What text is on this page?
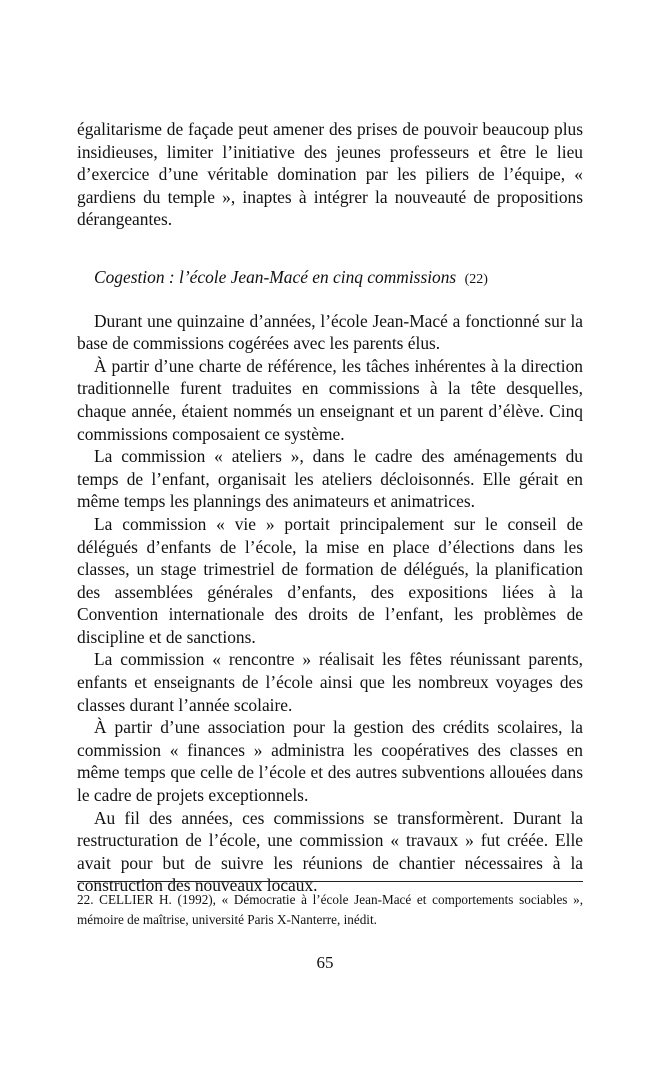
égalitarisme de façade peut amener des prises de pouvoir beaucoup plus insidieuses, limiter l’initiative des jeunes professeurs et être le lieu d’exercice d’une véritable domination par les piliers de l’équipe, « gardiens du temple », inaptes à intégrer la nouveauté de propositions dérangeantes.

Cogestion : l’école Jean-Macé en cinq commissions (22)

Durant une quinzaine d’années, l’école Jean-Macé a fonctionné sur la base de commissions cogérées avec les parents élus.

À partir d’une charte de référence, les tâches inhérentes à la direction traditionnelle furent traduites en commissions à la tête desquelles, chaque année, étaient nommés un enseignant et un parent d’élève. Cinq commissions composaient ce système.

La commission « ateliers », dans le cadre des aménagements du temps de l’enfant, organisait les ateliers décloisonnés. Elle gérait en même temps les plannings des animateurs et animatrices.

La commission « vie » portait principalement sur le conseil de délégués d’enfants de l’école, la mise en place d’élections dans les classes, un stage trimestriel de formation de délégués, la planification des assemblées générales d’enfants, des expositions liées à la Convention internationale des droits de l’enfant, les problèmes de discipline et de sanctions.

La commission « rencontre » réalisait les fêtes réunissant parents, enfants et enseignants de l’école ainsi que les nombreux voyages des classes durant l’année scolaire.

À partir d’une association pour la gestion des crédits scolaires, la commission « finances » administra les coopératives des classes en même temps que celle de l’école et des autres subventions allouées dans le cadre de projets exceptionnels.

Au fil des années, ces commissions se transformèrent. Durant la restructuration de l’école, une commission « travaux » fut créée. Elle avait pour but de suivre les réunions de chantier nécessaires à la construction des nouveaux locaux.

22. CELLIER H. (1992), « Démocratie à l’école Jean-Macé et comportements sociables », mémoire de maîtrise, université Paris X-Nanterre, inédit.

65
